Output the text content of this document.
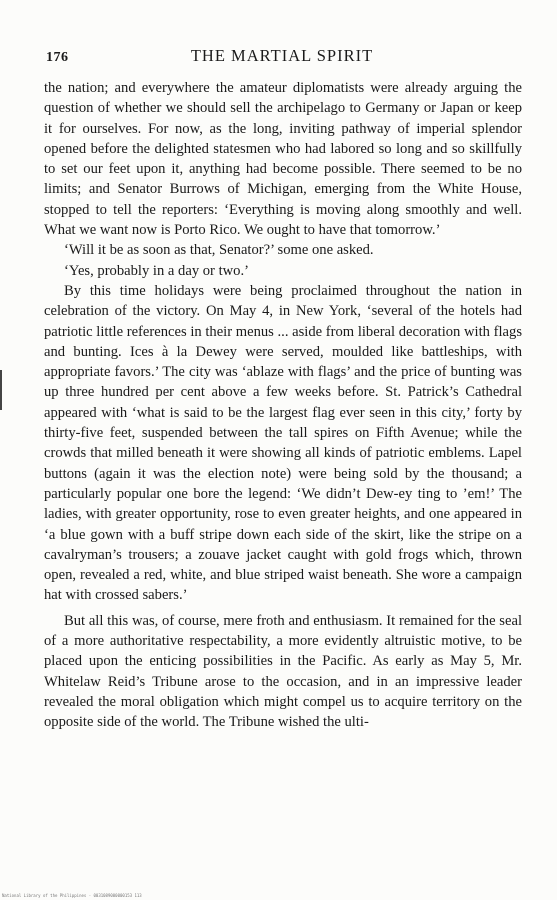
176	THE MARTIAL SPIRIT

the nation; and everywhere the amateur diplomatists were already arguing the question of whether we should sell the archipelago to Germany or Japan or keep it for ourselves. For now, as the long, inviting pathway of imperial splendor opened before the delighted statesmen who had labored so long and so skillfully to set our feet upon it, anything had become possible. There seemed to be no limits; and Senator Burrows of Michigan, emerging from the White House, stopped to tell the reporters: ‘Everything is moving along smoothly and well. What we want now is Porto Rico. We ought to have that tomorrow.’

‘Will it be as soon as that, Senator?’ some one asked.

‘Yes, probably in a day or two.’

By this time holidays were being proclaimed throughout the nation in celebration of the victory. On May 4, in New York, ‘several of the hotels had patriotic little references in their menus ... aside from liberal decoration with flags and bunting. Ices à la Dewey were served, moulded like battleships, with appropriate favors.’ The city was ‘ablaze with flags’ and the price of bunting was up three hundred per cent above a few weeks before. St. Patrick’s Cathedral appeared with ‘what is said to be the largest flag ever seen in this city,’ forty by thirty-five feet, suspended between the tall spires on Fifth Avenue; while the crowds that milled beneath it were showing all kinds of patriotic emblems. Lapel buttons (again it was the election note) were being sold by the thousand; a particularly popular one bore the legend: ‘We didn’t Dew-ey ting to ’em!’ The ladies, with greater opportunity, rose to even greater heights, and one appeared in ‘a blue gown with a buff stripe down each side of the skirt, like the stripe on a cavalryman’s trousers; a zouave jacket caught with gold frogs which, thrown open, revealed a red, white, and blue striped waist beneath. She wore a campaign hat with crossed sabers.’

But all this was, of course, mere froth and enthusiasm. It remained for the seal of a more authoritative respectability, a more evidently altruistic motive, to be placed upon the enticing possibilities in the Pacific. As early as May 5, Mr. Whitelaw Reid’s Tribune arose to the occasion, and in an impressive leader revealed the moral obligation which might compel us to acquire territory on the opposite side of the world. The Tribune wished the ulti-

National Library of the Philippines · 0031089000000153 113
